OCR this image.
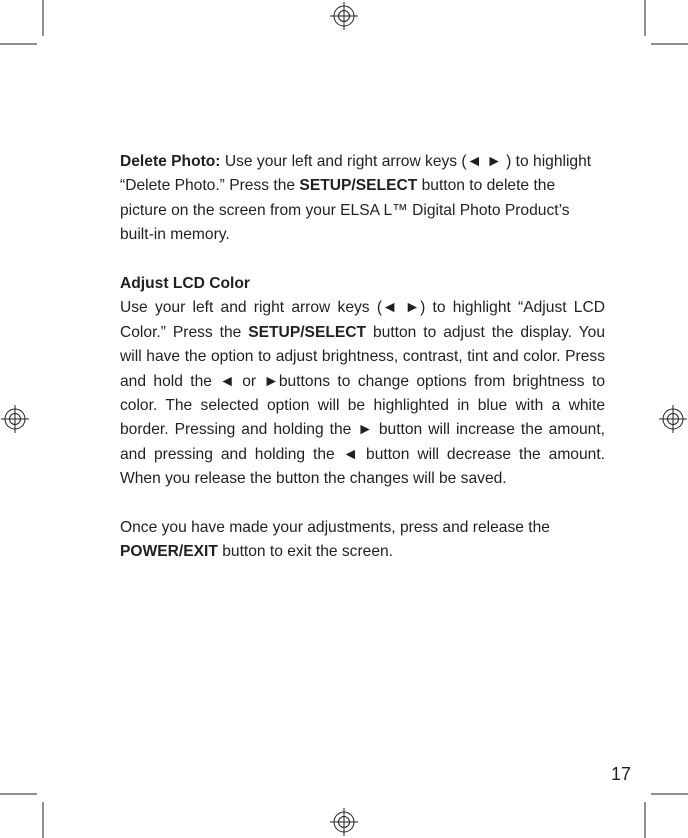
Delete Photo: Use your left and right arrow keys (◄ ► ) to highlight “Delete Photo.” Press the SETUP/SELECT button to delete the picture on the screen from your ELSA L™ Digital Photo Product’s built-in memory.

Adjust LCD Color

Use your left and right arrow keys (◄ ►) to highlight “Adjust LCD Color.” Press the SETUP/SELECT button to adjust the display. You will have the option to adjust brightness, contrast, tint and color. Press and hold the ◄ or ►buttons to change options from brightness to color. The selected option will be highlighted in blue with a white border. Pressing and holding the ► button will increase the amount, and pressing and holding the ◄ button will decrease the amount. When you release the button the changes will be saved.

Once you have made your adjustments, press and release the POWER/EXIT button to exit the screen.

17
